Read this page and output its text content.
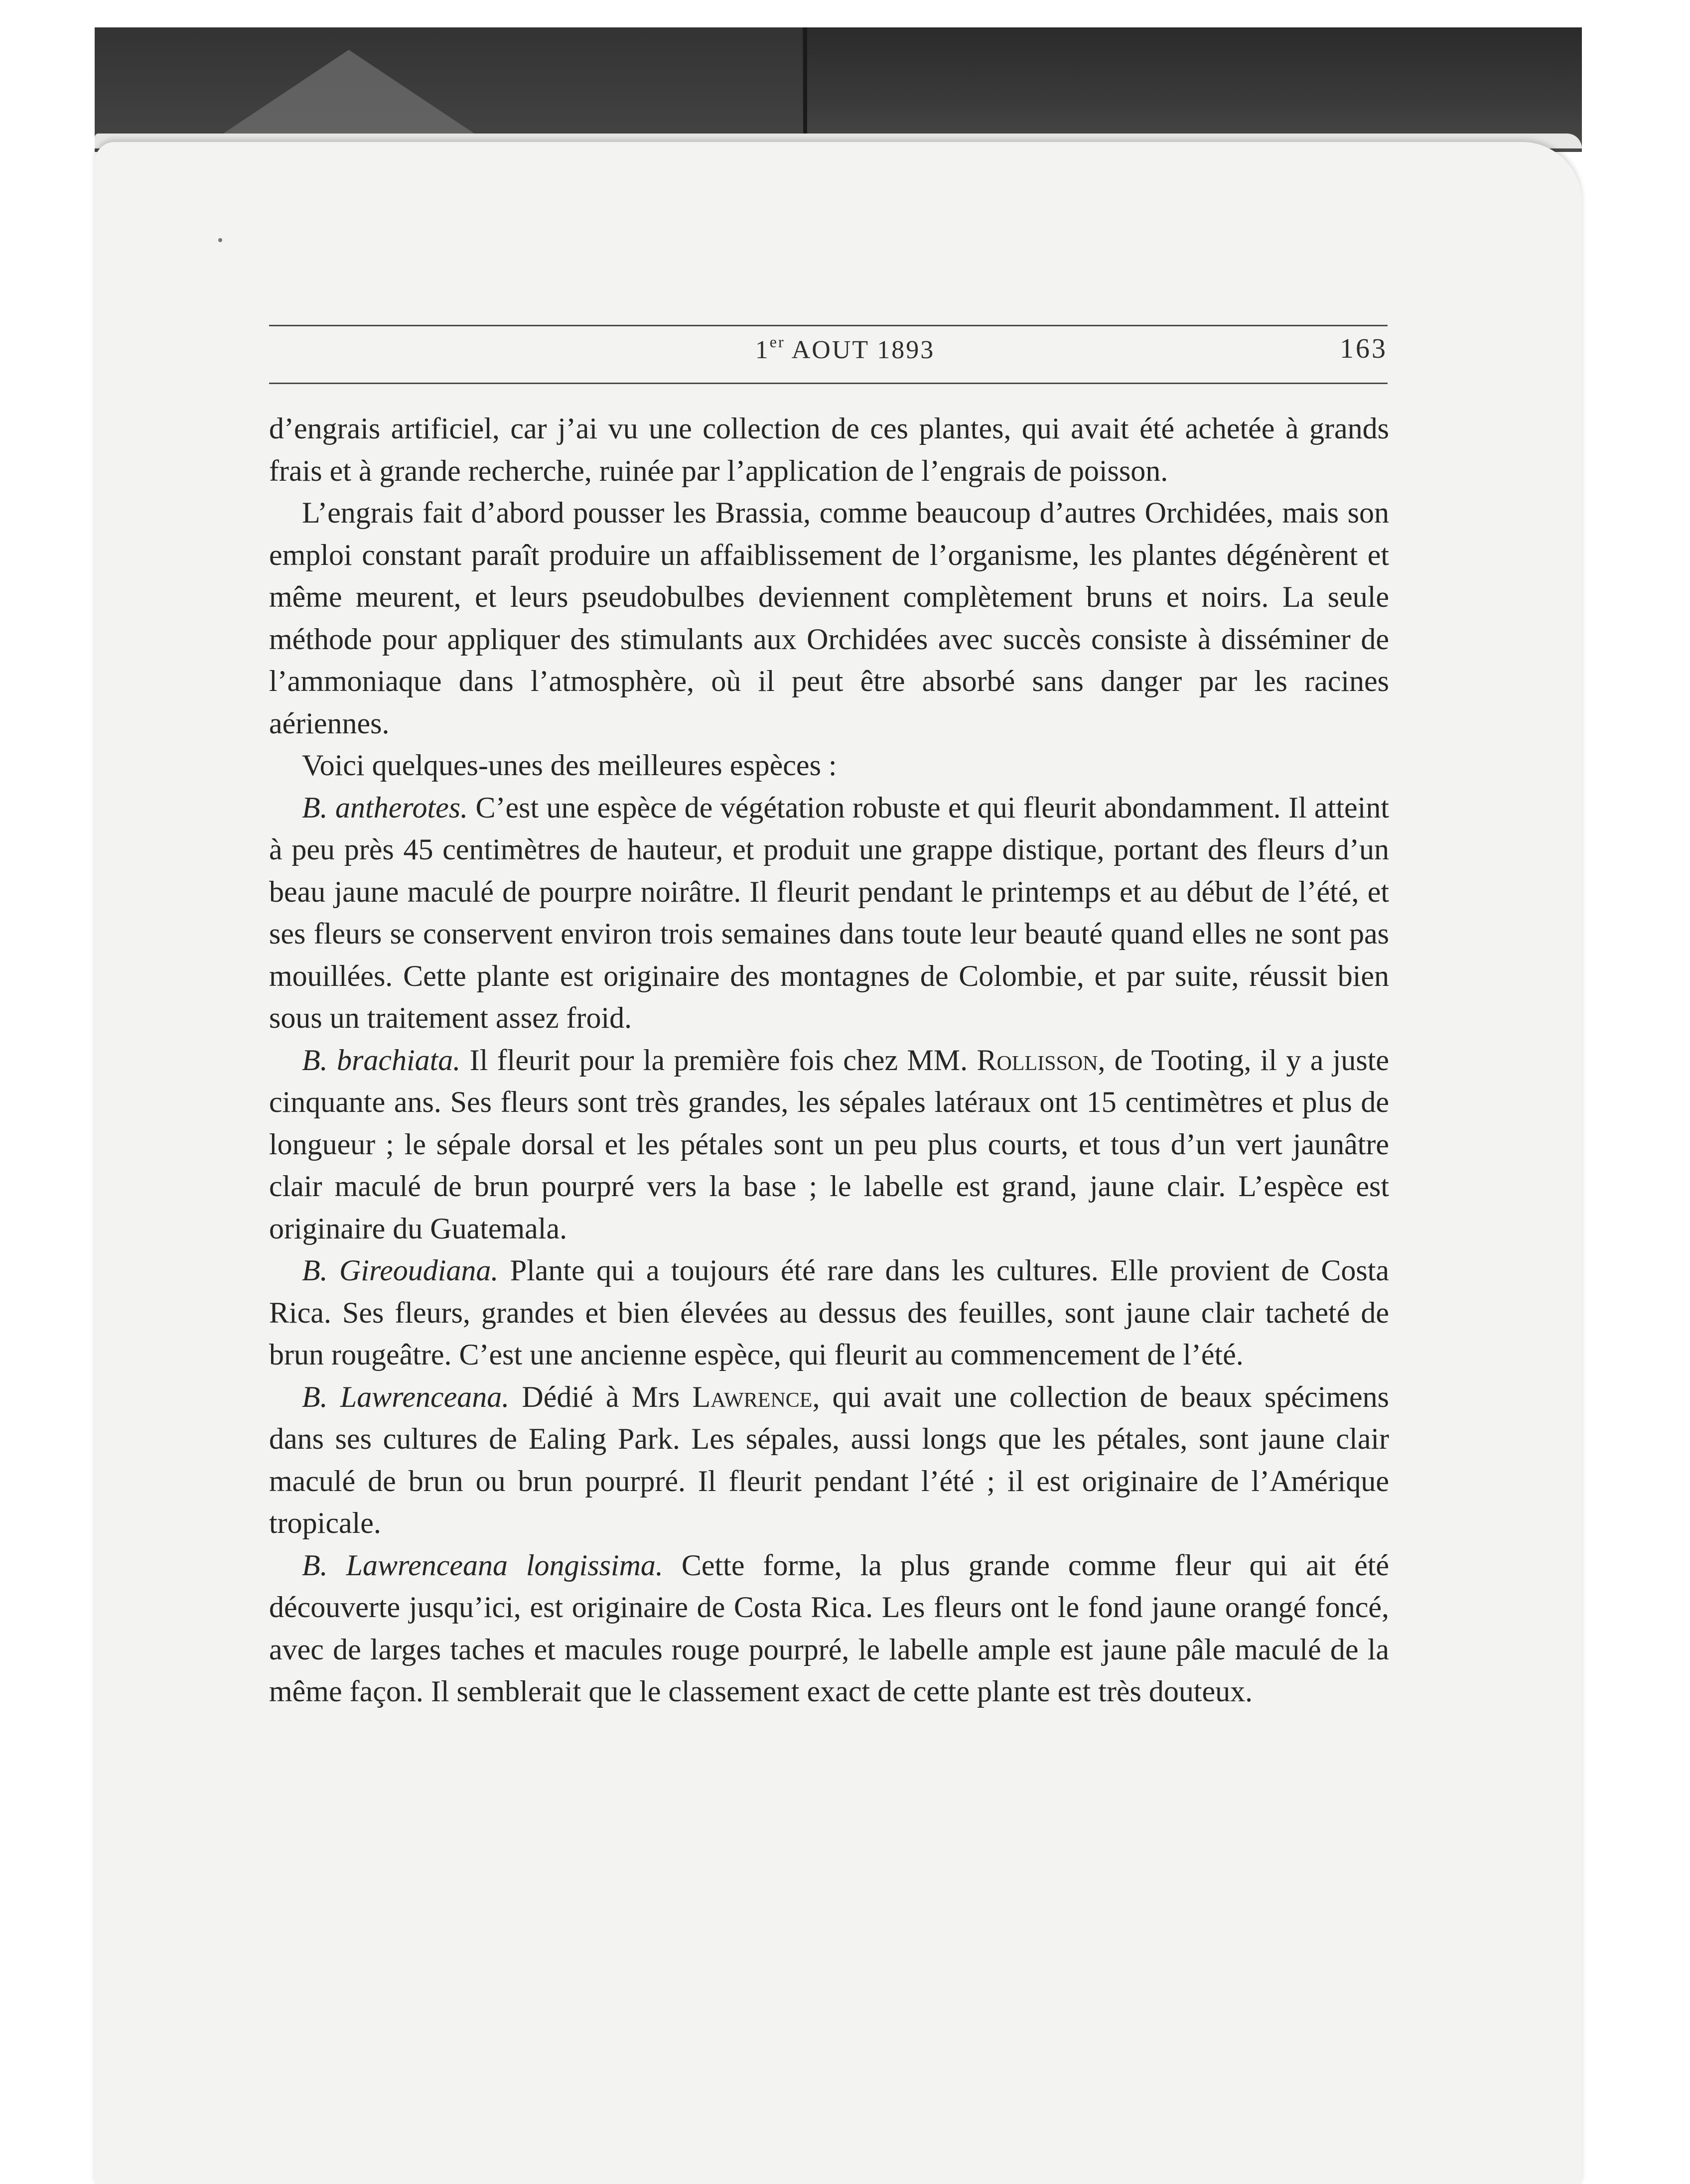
1er AOUT 1893	163

d’engrais artificiel, car j’ai vu une collection de ces plantes, qui avait été achetée à grands frais et à grande recherche, ruinée par l’application de l’engrais de poisson.

L’engrais fait d’abord pousser les Brassia, comme beaucoup d’autres Orchidées, mais son emploi constant paraît produire un affaiblissement de l’organisme, les plantes dégénèrent et même meurent, et leurs pseudobulbes deviennent complètement bruns et noirs. La seule méthode pour appliquer des stimulants aux Orchidées avec succès consiste à disséminer de l’ammoniaque dans l’atmosphère, où il peut être absorbé sans danger par les racines aériennes.

Voici quelques-unes des meilleures espèces :

B. antherotes. C’est une espèce de végétation robuste et qui fleurit abondamment. Il atteint à peu près 45 centimètres de hauteur, et produit une grappe distique, portant des fleurs d’un beau jaune maculé de pourpre noirâtre. Il fleurit pendant le printemps et au début de l’été, et ses fleurs se conservent environ trois semaines dans toute leur beauté quand elles ne sont pas mouillées. Cette plante est originaire des montagnes de Colombie, et par suite, réussit bien sous un traitement assez froid.

B. brachiata. Il fleurit pour la première fois chez MM. Rollisson, de Tooting, il y a juste cinquante ans. Ses fleurs sont très grandes, les sépales latéraux ont 15 centimètres et plus de longueur ; le sépale dorsal et les pétales sont un peu plus courts, et tous d’un vert jaunâtre clair maculé de brun pourpré vers la base ; le labelle est grand, jaune clair. L’espèce est originaire du Guatemala.

B. Gireoudiana. Plante qui a toujours été rare dans les cultures. Elle provient de Costa Rica. Ses fleurs, grandes et bien élevées au dessus des feuilles, sont jaune clair tacheté de brun rougeâtre. C’est une ancienne espèce, qui fleurit au commencement de l’été.

B. Lawrenceana. Dédié à Mrs Lawrence, qui avait une collection de beaux spécimens dans ses cultures de Ealing Park. Les sépales, aussi longs que les pétales, sont jaune clair maculé de brun ou brun pourpré. Il fleurit pendant l’été ; il est originaire de l’Amérique tropicale.

B. Lawrenceana longissima. Cette forme, la plus grande comme fleur qui ait été découverte jusqu’ici, est originaire de Costa Rica. Les fleurs ont le fond jaune orangé foncé, avec de larges taches et macules rouge pourpré, le labelle ample est jaune pâle maculé de la même façon. Il semblerait que le classement exact de cette plante est très douteux.
